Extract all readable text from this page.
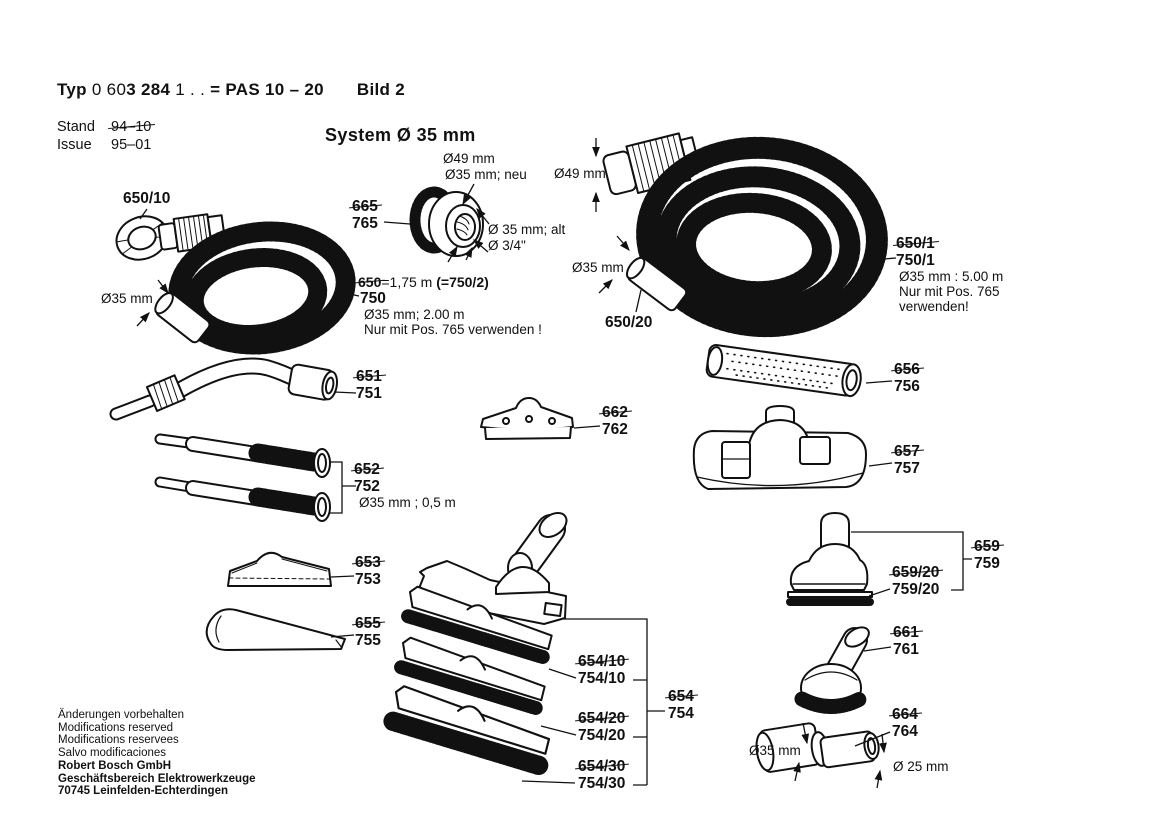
Typ 0 603 284 1 . . = PAS 10 – 20 Bild 2
Stand 94–10
Issue 95–01	System Ø 35 mm
650/10	665
765
650=1,75 m (=750/2)
750
Ø35 mm; 2.00 m
Nur mit Pos. 765 verwenden !
650/1
750/1
Ø35 mm : 5.00 m
Nur mit Pos. 765
verwenden!
650/20
651
751
652
752
Ø35 mm ; 0,5 m
653
753
655
755
662
762
656
756
657
757
659
759
659/20
759/20
661
761
664
764
654/10
754/10
654/20
754/20
654/30
754/30
654
754
Ø35 mm
Ø49 mm
Ø35 mm; neu
Ø 35 mm; alt
Ø 3/4"
Ø49 mm
Ø35 mm
Ø35 mm
Ø 25 mm
Änderungen vorbehalten
Modifications reserved
Modifications reservees
Salvo modificaciones
Robert Bosch GmbH
Geschäftsbereich Elektrowerkzeuge
70745 Leinfelden-Echterdingen
